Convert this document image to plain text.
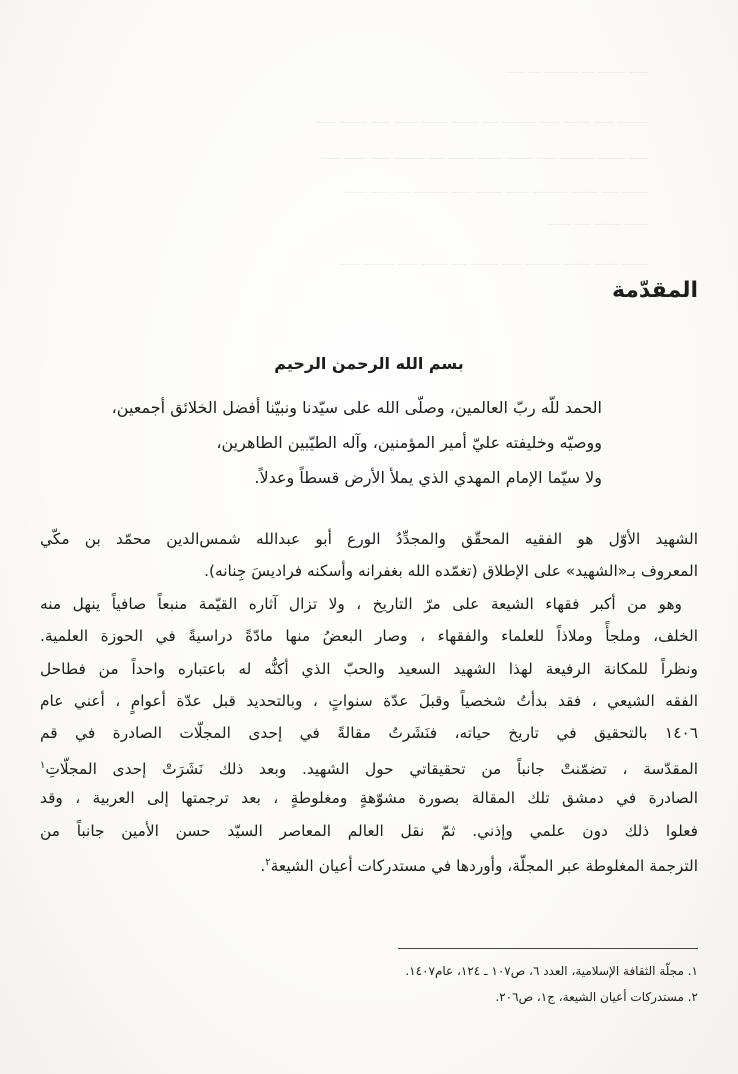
المقدّمة
بسم الله الرحمن الرحيم
الحمد للّه ربّ العالمين، وصلّى الله على سيّدنا ونبيّنا أفضل الخلائق أجمعين،
ووصيّه وخليفته عليّ أمير المؤمنين، وآله الطيّبين الطاهرين،
ولا سيّما الإمام المهدي الذي يملأ الأرض قسطاً وعدلاً.
الشهيد الأوّل هو الفقيه المحقّق والمجدِّدُ الورع أبو عبدالله شمس‌الدين محمّد بن مكّي
المعروف بـ«الشهيد» على الإطلاق (تغمّده الله بغفرانه وأسكنه فراديسَ جِنانه).
وهو من أكبر فقهاء الشيعة على مرّ التاريخ ، ولا تزال آثاره القيّمة منبعاً صافياً ينهل منه
الخلف، وملجأً وملاذاً للعلماء والفقهاء ، وصار البعضُ منها مادّةً دراسيةً في الحوزة العلمية.
ونظراً للمكانة الرفيعة لهذا الشهيد السعيد والحبّ الذي أكنُّه له باعتباره واحداً من فطاحل
الفقه الشيعي ، فقد بدأتُ شخصياً وقبلَ عدّة سنواتٍ ، وبالتحديد قبل عدّة أعوامٍ ، أعني عام
١٤٠٦ بالتحقيق في تاريخ حياته، فنَشَرتُ مقالةً في إحدى المجلّات الصادرة في قم
المقدّسة ، تضمّنتْ جانباً من تحقيقاتي حول الشهيد. وبعد ذلك نَشَرَتْ إحدى المجلّاتِ$^١$
الصادرة في دمشق تلك المقالة بصورة مشوّهةٍ ومغلوطةٍ ، بعد ترجمتها إلى العربية ، وقد
فعلوا ذلك دون علمي وإذني. ثمّ نقل العالم المعاصر السيّد حسن الأمين جانباً من
الترجمة المغلوطة عبر المجلّة، وأوردها في مستدركات أعيان الشيعة$^٢$.
١. مجلّة الثقافة الإسلامية، العدد ٦، ص١٠٧ ـ ١٢٤، عام١٤٠٧.
٢. مستدركات أعيان الشيعة، ج١، ص٢٠٦.
